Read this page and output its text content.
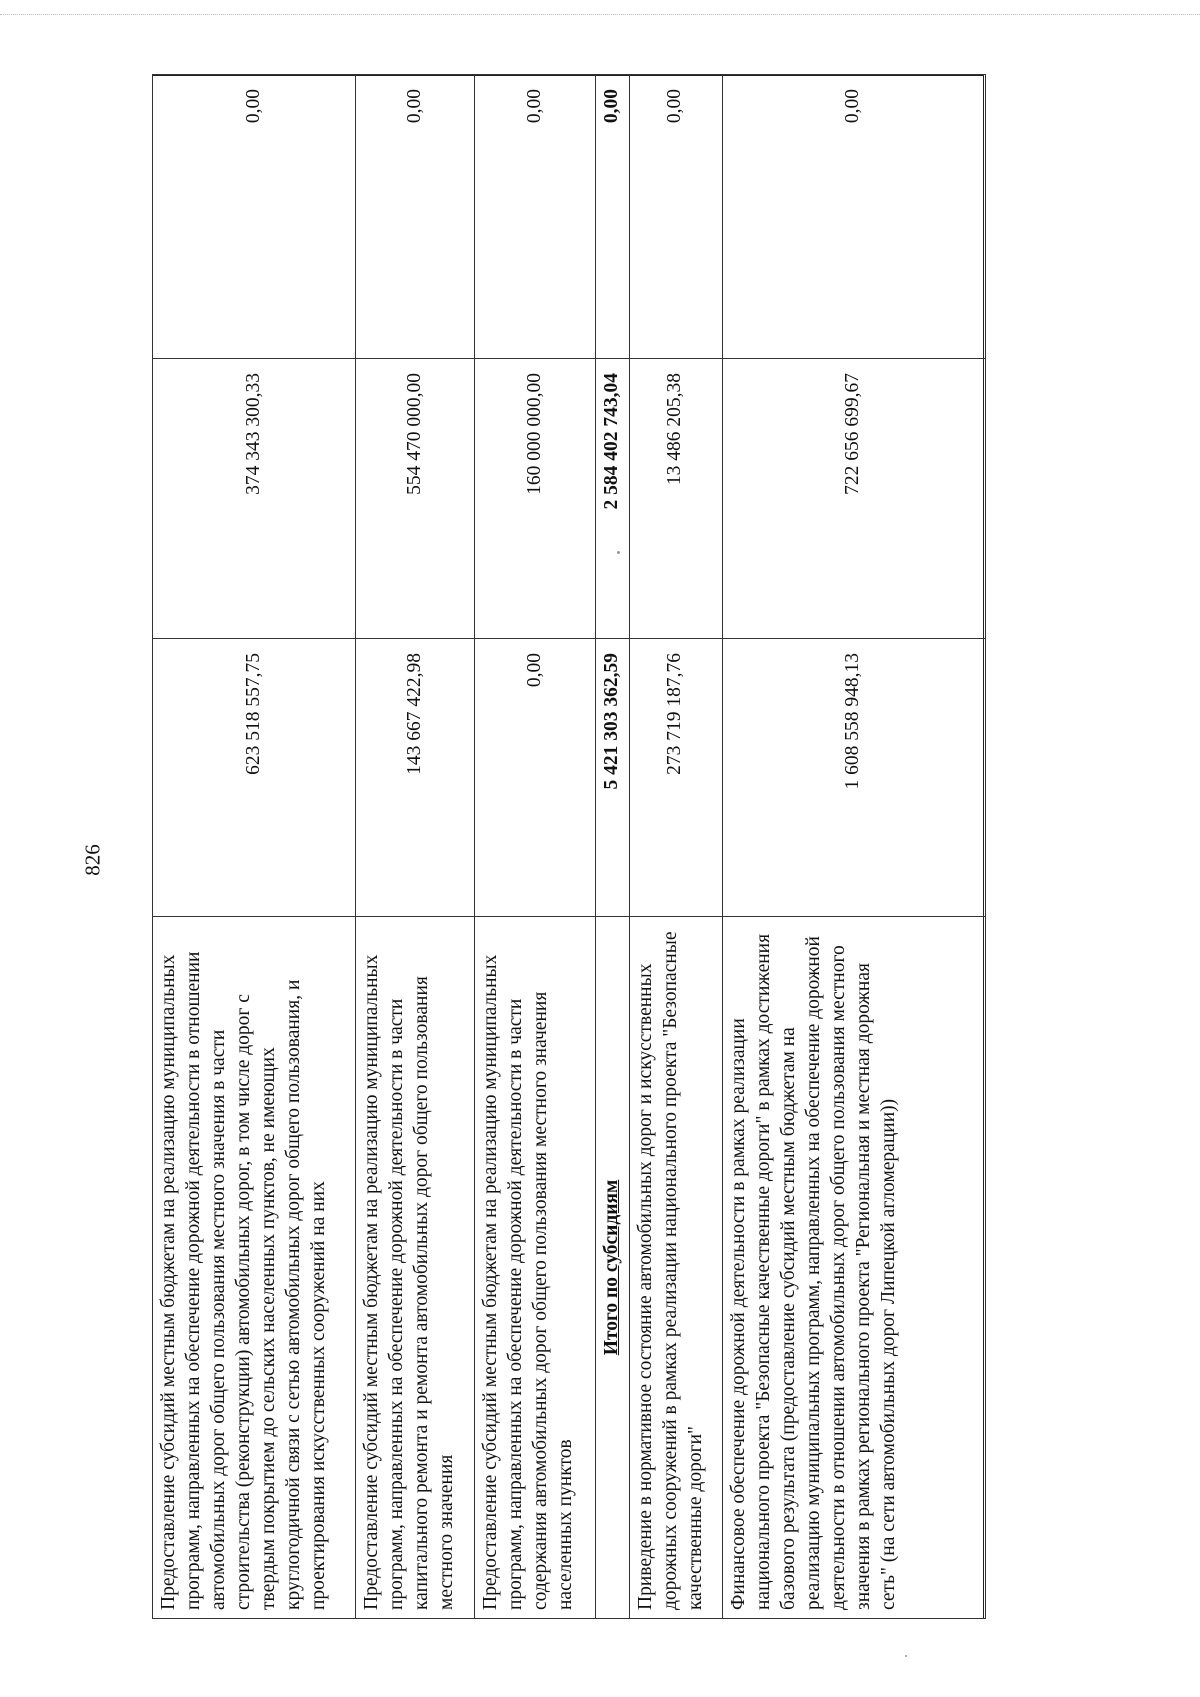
826
Предоставление субсидий местным бюджетам на реализацию муниципальных программ, направленных на обеспечение дорожной деятельности в отношении автомобильных дорог общего пользования местного значения в части строительства (реконструкции) автомобильных дорог, в том числе дорог с твердым покрытием до сельских населенных пунктов, не имеющих круглогодичной связи с сетью автомобильных дорог общего пользования, и проектирования искусственных сооружений на них	623 518 557,75	374 343 300,33	0,00
Предоставление субсидий местным бюджетам на реализацию муниципальных программ, направленных на обеспечение дорожной деятельности в части капитального ремонта и ремонта автомобильных дорог общего пользования местного значения	143 667 422,98	554 470 000,00	0,00
Предоставление субсидий местным бюджетам на реализацию муниципальных программ, направленных на обеспечение дорожной деятельности в части содержания автомобильных дорог общего пользования местного значения населенных пунктов	0,00	160 000 000,00	0,00
Итого по субсидиям	5 421 303 362,59	2 584 402 743,04	0,00
Приведение в нормативное состояние автомобильных дорог и искусственных дорожных сооружений в рамках реализации национального проекта "Безопасные качественные дороги"	273 719 187,76	13 486 205,38	0,00
Финансовое обеспечение дорожной деятельности в рамках реализации национального проекта "Безопасные качественные дороги" в рамках достижения базового результата (предоставление субсидий местным бюджетам на реализацию муниципальных программ, направленных на обеспечение дорожной деятельности в отношении автомобильных дорог общего пользования местного значения в рамках регионального проекта "Региональная и местная дорожная сеть" (на сети автомобильных дорог Липецкой агломерации))	1 608 558 948,13	722 656 699,67	0,00
